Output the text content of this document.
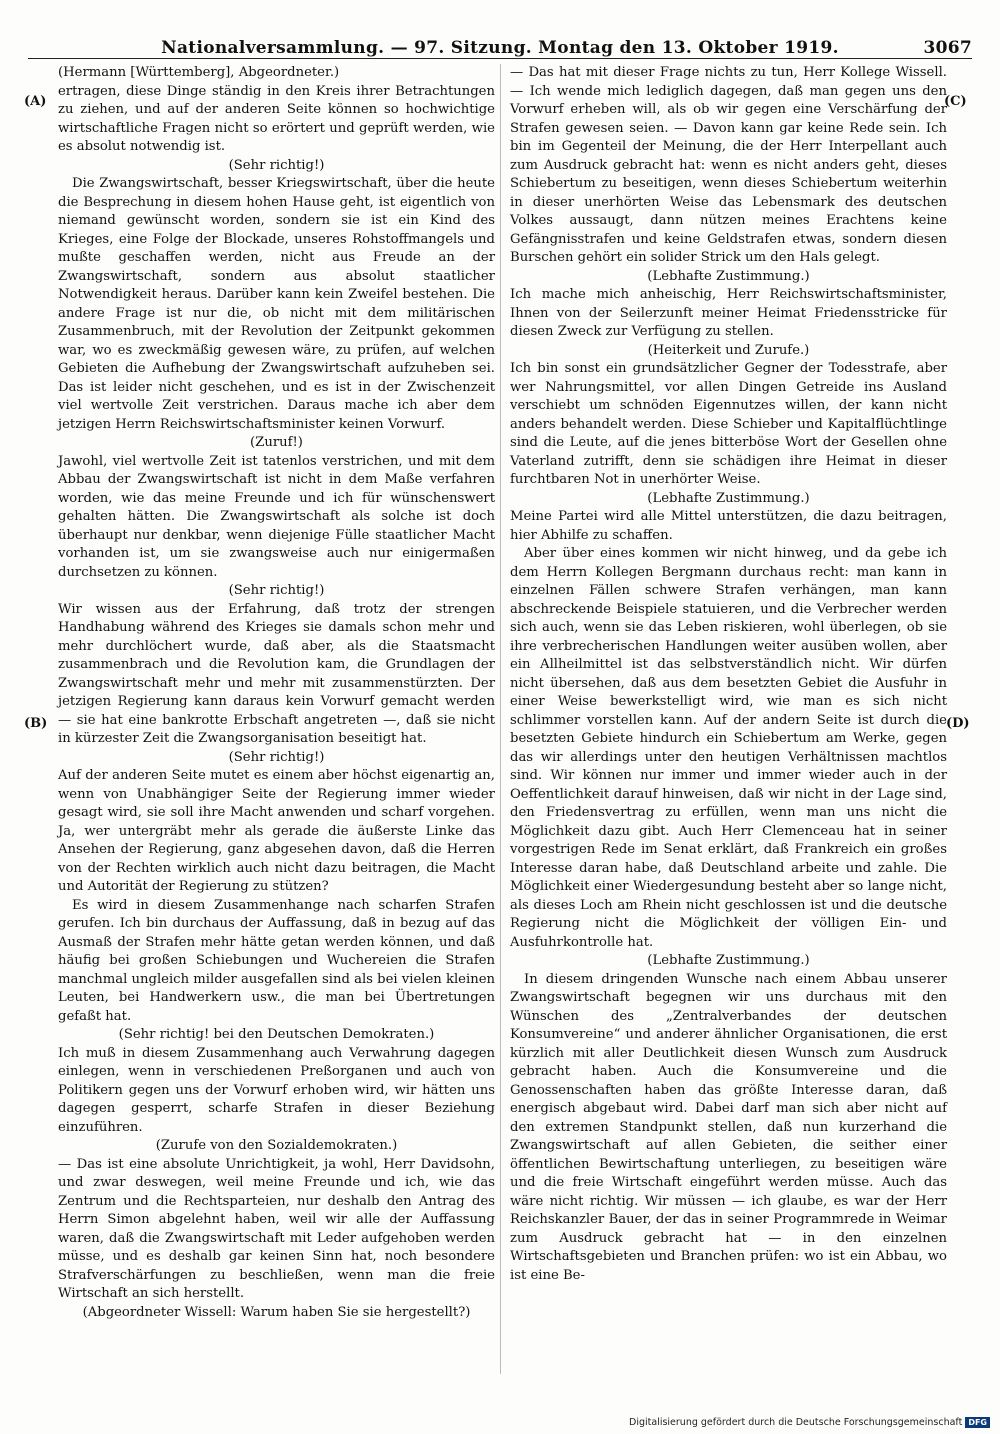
Nationalversammlung. — 97. Sitzung. Montag den 13. Oktober 1919.	3067
(A)
(B)
(C)
(D)

(Hermann [Württemberg], Abgeordneter.)

ertragen, diese Dinge ständig in den Kreis ihrer Betrachtungen zu ziehen, und auf der anderen Seite können so hochwichtige wirtschaftliche Fragen nicht so erörtert und geprüft werden, wie es absolut notwendig ist.

(Sehr richtig!)

Die Zwangswirtschaft, besser Kriegswirtschaft, über die heute die Besprechung in diesem hohen Hause geht, ist eigentlich von niemand gewünscht worden, sondern sie ist ein Kind des Krieges, eine Folge der Blockade, unseres Rohstoffmangels und mußte geschaffen werden, nicht aus Freude an der Zwangswirtschaft, sondern aus absolut staatlicher Notwendigkeit heraus. Darüber kann kein Zweifel bestehen. Die andere Frage ist nur die, ob nicht mit dem militärischen Zusammenbruch, mit der Revolution der Zeitpunkt gekommen war, wo es zweckmäßig gewesen wäre, zu prüfen, auf welchen Gebieten die Aufhebung der Zwangswirtschaft aufzuheben sei. Das ist leider nicht geschehen, und es ist in der Zwischenzeit viel wertvolle Zeit verstrichen. Daraus mache ich aber dem jetzigen Herrn Reichswirtschaftsminister keinen Vorwurf.

(Zuruf!)

Jawohl, viel wertvolle Zeit ist tatenlos verstrichen, und mit dem Abbau der Zwangswirtschaft ist nicht in dem Maße verfahren worden, wie das meine Freunde und ich für wünschenswert gehalten hätten. Die Zwangswirtschaft als solche ist doch überhaupt nur denkbar, wenn diejenige Fülle staatlicher Macht vorhanden ist, um sie zwangsweise auch nur einigermaßen durchsetzen zu können.

(Sehr richtig!)

Wir wissen aus der Erfahrung, daß trotz der strengen Handhabung während des Krieges sie damals schon mehr und mehr durchlöchert wurde, daß aber, als die Staatsmacht zusammenbrach und die Revolution kam, die Grundlagen der Zwangswirtschaft mehr und mehr mit zusammenstürzten. Der jetzigen Regierung kann daraus kein Vorwurf gemacht werden — sie hat eine bankrotte Erbschaft angetreten —, daß sie nicht in kürzester Zeit die Zwangsorganisation beseitigt hat.

(Sehr richtig!)

Auf der anderen Seite mutet es einem aber höchst eigenartig an, wenn von Unabhängiger Seite der Regierung immer wieder gesagt wird, sie soll ihre Macht anwenden und scharf vorgehen. Ja, wer untergräbt mehr als gerade die äußerste Linke das Ansehen der Regierung, ganz abgesehen davon, daß die Herren von der Rechten wirklich auch nicht dazu beitragen, die Macht und Autorität der Regierung zu stützen?

Es wird in diesem Zusammenhange nach scharfen Strafen gerufen. Ich bin durchaus der Auffassung, daß in bezug auf das Ausmaß der Strafen mehr hätte getan werden können, und daß häufig bei großen Schiebungen und Wuchereien die Strafen manchmal ungleich milder ausgefallen sind als bei vielen kleinen Leuten, bei Handwerkern usw., die man bei Übertretungen gefaßt hat.

(Sehr richtig! bei den Deutschen Demokraten.)

Ich muß in diesem Zusammenhang auch Verwahrung dagegen einlegen, wenn in verschiedenen Preßorganen und auch von Politikern gegen uns der Vorwurf erhoben wird, wir hätten uns dagegen gesperrt, scharfe Strafen in dieser Beziehung einzuführen.

(Zurufe von den Sozialdemokraten.)

— Das ist eine absolute Unrichtigkeit, ja wohl, Herr Davidsohn, und zwar deswegen, weil meine Freunde und ich, wie das Zentrum und die Rechtsparteien, nur deshalb den Antrag des Herrn Simon abgelehnt haben, weil wir alle der Auffassung waren, daß die Zwangswirtschaft mit Leder aufgehoben werden müsse, und es deshalb gar keinen Sinn hat, noch besondere Strafverschärfungen zu beschließen, wenn man die freie Wirtschaft an sich herstellt.

(Abgeordneter Wissell: Warum haben Sie sie hergestellt?)

— Das hat mit dieser Frage nichts zu tun, Herr Kollege Wissell. — Ich wende mich lediglich dagegen, daß man gegen uns den Vorwurf erheben will, als ob wir gegen eine Verschärfung der Strafen gewesen seien. — Davon kann gar keine Rede sein. Ich bin im Gegenteil der Meinung, die der Herr Interpellant auch zum Ausdruck gebracht hat: wenn es nicht anders geht, dieses Schiebertum zu beseitigen, wenn dieses Schiebertum weiterhin in dieser unerhörten Weise das Lebensmark des deutschen Volkes aussaugt, dann nützen meines Erachtens keine Gefängnisstrafen und keine Geldstrafen etwas, sondern diesen Burschen gehört ein solider Strick um den Hals gelegt.

(Lebhafte Zustimmung.)

Ich mache mich anheischig, Herr Reichswirtschaftsminister, Ihnen von der Seilerzunft meiner Heimat Friedensstricke für diesen Zweck zur Verfügung zu stellen.

(Heiterkeit und Zurufe.)

Ich bin sonst ein grundsätzlicher Gegner der Todesstrafe, aber wer Nahrungsmittel, vor allen Dingen Getreide ins Ausland verschiebt um schnöden Eigennutzes willen, der kann nicht anders behandelt werden. Diese Schieber und Kapitalflüchtlinge sind die Leute, auf die jenes bitterböse Wort der Gesellen ohne Vaterland zutrifft, denn sie schädigen ihre Heimat in dieser furchtbaren Not in unerhörter Weise.

(Lebhafte Zustimmung.)

Meine Partei wird alle Mittel unterstützen, die dazu beitragen, hier Abhilfe zu schaffen.

Aber über eines kommen wir nicht hinweg, und da gebe ich dem Herrn Kollegen Bergmann durchaus recht: man kann in einzelnen Fällen schwere Strafen verhängen, man kann abschreckende Beispiele statuieren, und die Verbrecher werden sich auch, wenn sie das Leben riskieren, wohl überlegen, ob sie ihre verbrecherischen Handlungen weiter ausüben wollen, aber ein Allheilmittel ist das selbstverständlich nicht. Wir dürfen nicht übersehen, daß aus dem besetzten Gebiet die Ausfuhr in einer Weise bewerkstelligt wird, wie man es sich nicht schlimmer vorstellen kann. Auf der andern Seite ist durch die besetzten Gebiete hindurch ein Schiebertum am Werke, gegen das wir allerdings unter den heutigen Verhältnissen machtlos sind. Wir können nur immer und immer wieder auch in der Oeffentlichkeit darauf hinweisen, daß wir nicht in der Lage sind, den Friedensvertrag zu erfüllen, wenn man uns nicht die Möglichkeit dazu gibt. Auch Herr Clemenceau hat in seiner vorgestrigen Rede im Senat erklärt, daß Frankreich ein großes Interesse daran habe, daß Deutschland arbeite und zahle. Die Möglichkeit einer Wiedergesundung besteht aber so lange nicht, als dieses Loch am Rhein nicht geschlossen ist und die deutsche Regierung nicht die Möglichkeit der völligen Ein- und Ausfuhrkontrolle hat.

(Lebhafte Zustimmung.)

In diesem dringenden Wunsche nach einem Abbau unserer Zwangswirtschaft begegnen wir uns durchaus mit den Wünschen des „Zentralverbandes der deutschen Konsumvereine“ und anderer ähnlicher Organisationen, die erst kürzlich mit aller Deutlichkeit diesen Wunsch zum Ausdruck gebracht haben. Auch die Konsumvereine und die Genossenschaften haben das größte Interesse daran, daß energisch abgebaut wird. Dabei darf man sich aber nicht auf den extremen Standpunkt stellen, daß nun kurzerhand die Zwangswirtschaft auf allen Gebieten, die seither einer öffentlichen Bewirtschaftung unterliegen, zu beseitigen wäre und die freie Wirtschaft eingeführt werden müsse. Auch das wäre nicht richtig. Wir müssen — ich glaube, es war der Herr Reichskanzler Bauer, der das in seiner Programmrede in Weimar zum Ausdruck gebracht hat — in den einzelnen Wirtschaftsgebieten und Branchen prüfen: wo ist ein Abbau, wo ist eine Be-

Digitalisierung gefördert durch die Deutsche Forschungsgemeinschaft DFG
